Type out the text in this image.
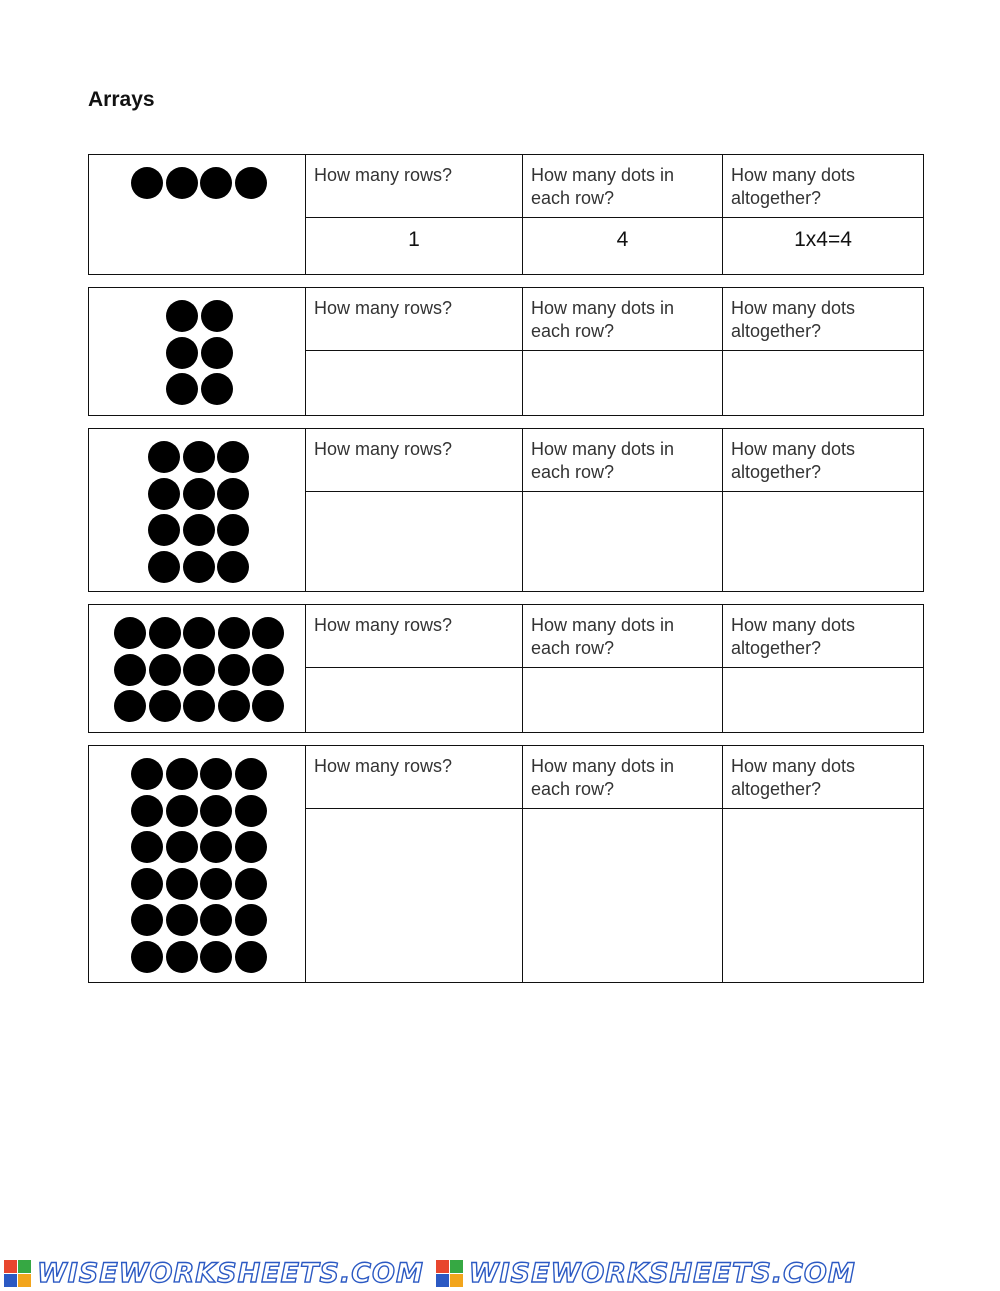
Arrays
	How many rows?	How many dots in each row?	How many dots altogether?
	1	4	1x4=4
	How many rows?	How many dots in each row?	How many dots altogether?

	How many rows?	How many dots in each row?	How many dots altogether?

	How many rows?	How many dots in each row?	How many dots altogether?

	How many rows?	How many dots in each row?	How many dots altogether?

WISEWORKSHEETS.COM WISEWORKSHEETS.COM
